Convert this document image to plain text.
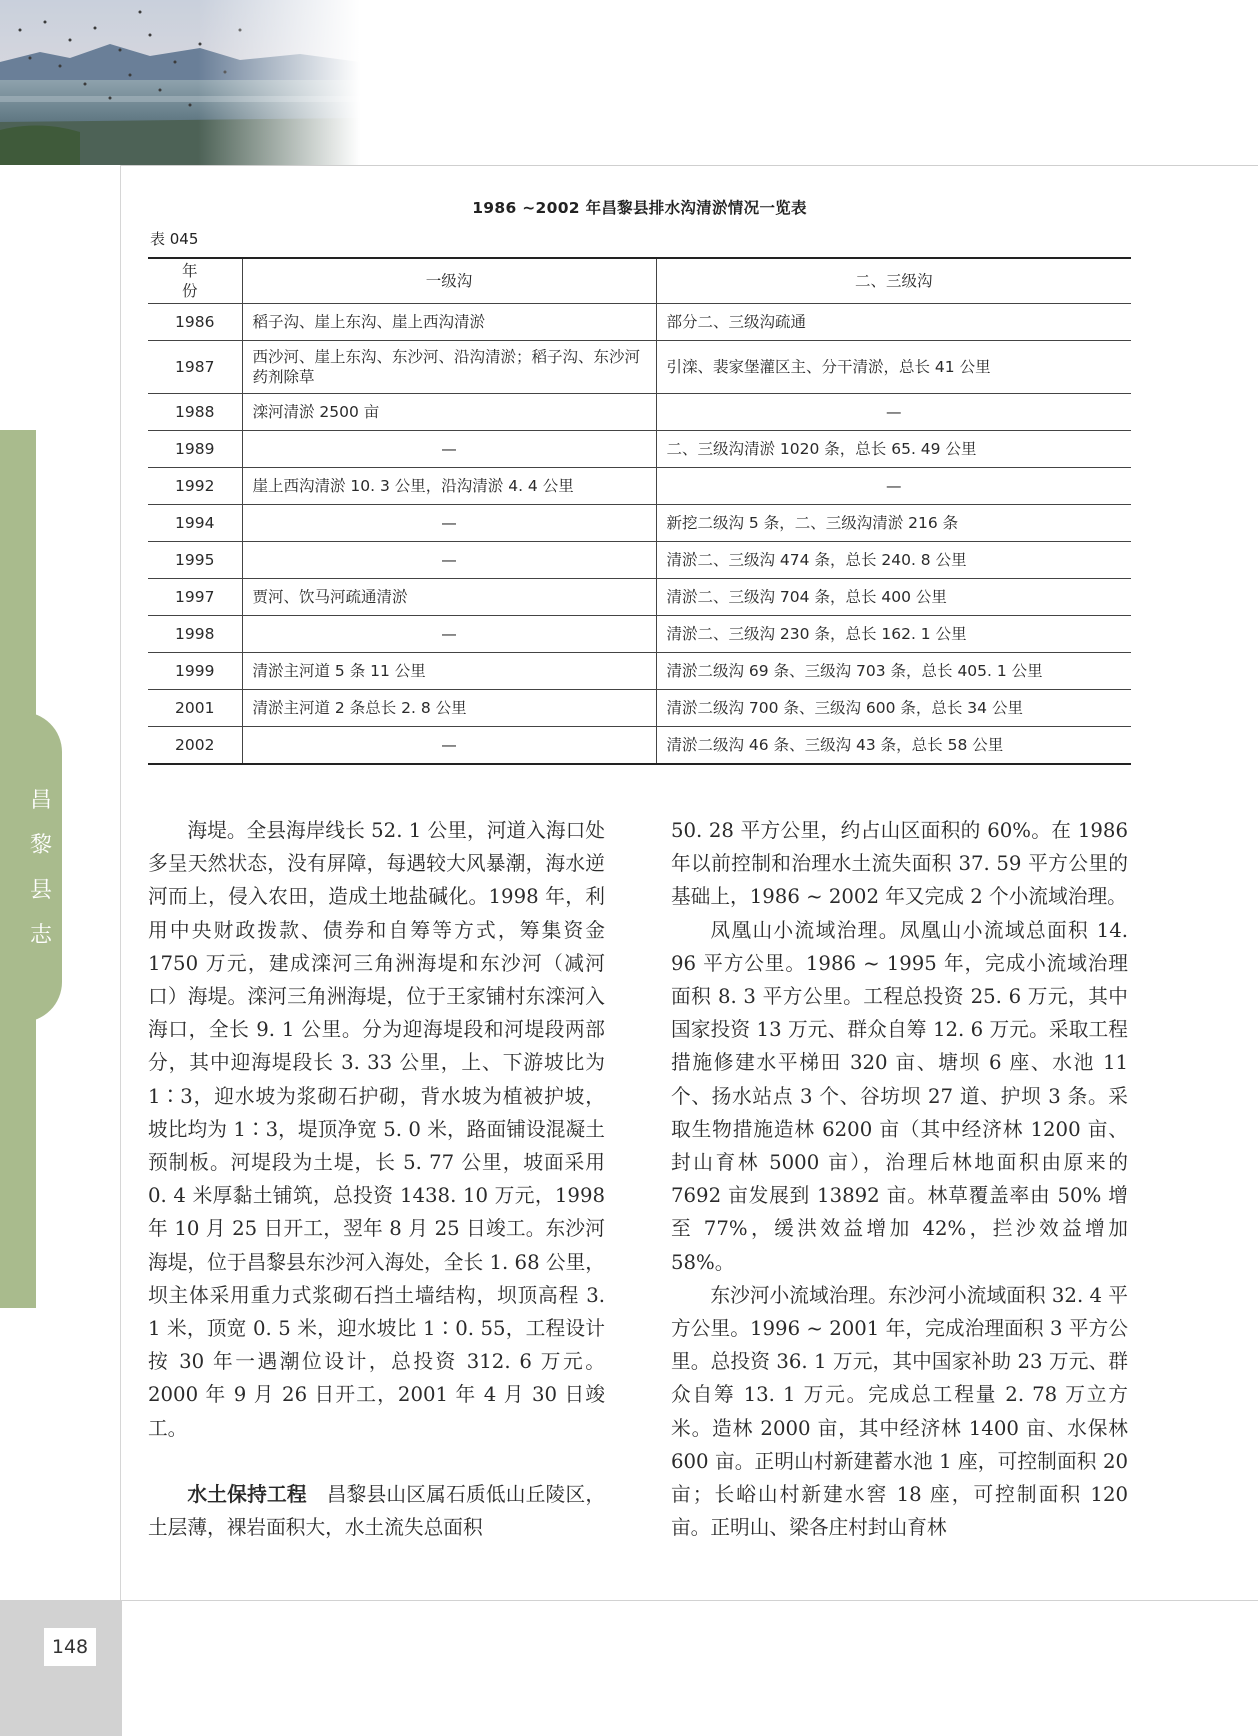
昌
黎
县
志
1986 ~2002 年昌黎县排水沟清淤情况一览表
表 045
年　份	一级沟	二、三级沟
1986	稻子沟、崖上东沟、崖上西沟清淤	部分二、三级沟疏通
1987	西沙河、崖上东沟、东沙河、沿沟清淤；稻子沟、东沙河药剂除草	引滦、裴家堡灌区主、分干清淤，总长 41 公里
1988	滦河清淤 2500 亩	—
1989	—	二、三级沟清淤 1020 条，总长 65. 49 公里
1992	崖上西沟清淤 10. 3 公里，沿沟清淤 4. 4 公里	—
1994	—	新挖二级沟 5 条，二、三级沟清淤 216 条
1995	—	清淤二、三级沟 474 条，总长 240. 8 公里
1997	贾河、饮马河疏通清淤	清淤二、三级沟 704 条，总长 400 公里
1998	—	清淤二、三级沟 230 条，总长 162. 1 公里
1999	清淤主河道 5 条 11 公里	清淤二级沟 69 条、三级沟 703 条，总长 405. 1 公里
2001	清淤主河道 2 条总长 2. 8 公里	清淤二级沟 700 条、三级沟 600 条，总长 34 公里
2002	—	清淤二级沟 46 条、三级沟 43 条，总长 58 公里

海堤。全县海岸线长 52. 1 公里，河道入海口处多呈天然状态，没有屏障，每遇较大风暴潮，海水逆河而上，侵入农田，造成土地盐碱化。1998 年，利用中央财政拨款、债券和自筹等方式，筹集资金 1750 万元，建成滦河三角洲海堤和东沙河（减河口）海堤。滦河三角洲海堤，位于王家铺村东滦河入海口，全长 9. 1 公里。分为迎海堤段和河堤段两部分，其中迎海堤段长 3. 33 公里，上、下游坡比为 1∶3，迎水坡为浆砌石护砌，背水坡为植被护坡，坡比均为 1∶3，堤顶净宽 5. 0 米，路面铺设混凝土预制板。河堤段为土堤，长 5. 77 公里，坡面采用 0. 4 米厚黏土铺筑，总投资 1438. 10 万元，1998 年 10 月 25 日开工，翌年 8 月 25 日竣工。东沙河海堤，位于昌黎县东沙河入海处，全长 1. 68 公里，坝主体采用重力式浆砌石挡土墙结构，坝顶高程 3. 1 米，顶宽 0. 5 米，迎水坡比 1∶0. 55，工程设计按 30 年一遇潮位设计，总投资 312. 6 万元。2000 年 9 月 26 日开工，2001 年 4 月 30 日竣工。

水土保持工程　 昌黎县山区属石质低山丘陵区，土层薄，裸岩面积大，水土流失总面积

50. 28 平方公里，约占山区面积的 60%。在 1986 年以前控制和治理水土流失面积 37. 59 平方公里的基础上，1986 ~ 2002 年又完成 2 个小流域治理。

凤凰山小流域治理。凤凰山小流域总面积 14. 96 平方公里。1986 ~ 1995 年，完成小流域治理面积 8. 3 平方公里。工程总投资 25. 6 万元，其中国家投资 13 万元、群众自筹 12. 6 万元。采取工程措施修建水平梯田 320 亩、塘坝 6 座、水池 11 个、扬水站点 3 个、谷坊坝 27 道、护坝 3 条。采取生物措施造林 6200 亩（其中经济林 1200 亩、封山育林 5000 亩），治理后林地面积由原来的 7692 亩发展到 13892 亩。林草覆盖率由 50% 增至 77%，缓洪效益增加 42%，拦沙效益增加 58%。

东沙河小流域治理。东沙河小流域面积 32. 4 平方公里。1996 ~ 2001 年，完成治理面积 3 平方公里。总投资 36. 1 万元，其中国家补助 23 万元、群众自筹 13. 1 万元。完成总工程量 2. 78 万立方米。造林 2000 亩，其中经济林 1400 亩、水保林 600 亩。正明山村新建蓄水池 1 座，可控制面积 20 亩；长峪山村新建水窖 18 座，可控制面积 120 亩。正明山、梁各庄村封山育林

148
